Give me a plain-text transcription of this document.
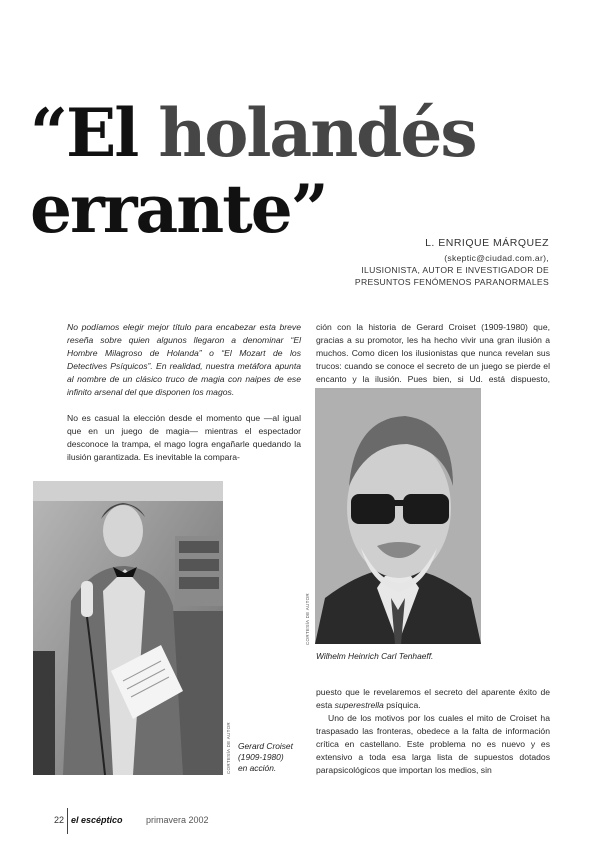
“El holandés
errante”	L. ENRIQUE MÁRQUEZ
(skeptic@ciudad.com.ar),
ILUSIONISTA, AUTOR E INVESTIGADOR DE
PRESUNTOS FENÓMENOS PARANORMALES
No podíamos elegir mejor título para encabezar esta breve reseña sobre quien algunos llegaron a denominar “El Hombre Milagroso de Holanda” o “El Mozart de los Detectives Psíquicos”. En realidad, nuestra metáfora apunta al nombre de un clásico truco de magia con naipes de ese infinito arsenal del que disponen los magos.
No es casual la elección desde el momento que —al igual que en un juego de magia— mientras el espectador desconoce la trampa, el mago logra engañarle quedando la ilusión garantizada. Es inevitable la compara-
CORTESÍA DE AUTOR Gerard Croiset
(1909-1980)
en acción.
ción con la historia de Gerard Croiset (1909-1980) que, gracias a su promotor, les ha hecho vivir una gran ilusión a muchos. Como dicen los ilusionistas que nunca revelan sus trucos: cuando se conoce el secreto de un juego se pierde el encanto y la ilusión. Pues bien, si Ud. está dispuesto,
CORTESÍA DE AUTOR
Wilhelm Heinrich Carl Tenhaeff.
puesto que le revelaremos el secreto del aparente éxito de esta superestrella psíquica.
Uno de los motivos por los cuales el mito de Croiset ha traspasado las fronteras, obedece a la falta de información crítica en castellano. Este problema no es nuevo y es extensivo a toda esa larga lista de supuestos dotados parapsicológicos que importan los medios, sin
22 el escéptico	primavera 2002
